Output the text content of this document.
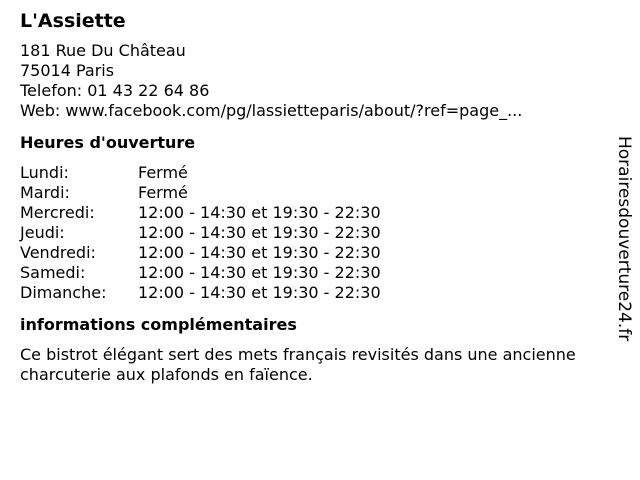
L'Assiette
181 Rue Du Château
75014 Paris
Telefon: 01 43 22 64 86
Web: www.facebook.com/pg/lassietteparis/about/?ref=page_...
Heures d'ouverture
Lundi:	Fermé
Mardi:	Fermé
Mercredi:	12:00 - 14:30 et 19:30 - 22:30
Jeudi:	12:00 - 14:30 et 19:30 - 22:30
Vendredi:	12:00 - 14:30 et 19:30 - 22:30
Samedi:	12:00 - 14:30 et 19:30 - 22:30
Dimanche:	12:00 - 14:30 et 19:30 - 22:30
informations complémentaires
Ce bistrot élégant sert des mets français revisités dans une ancienne charcuterie aux plafonds en faïence.
Horairesdouverture24.fr
